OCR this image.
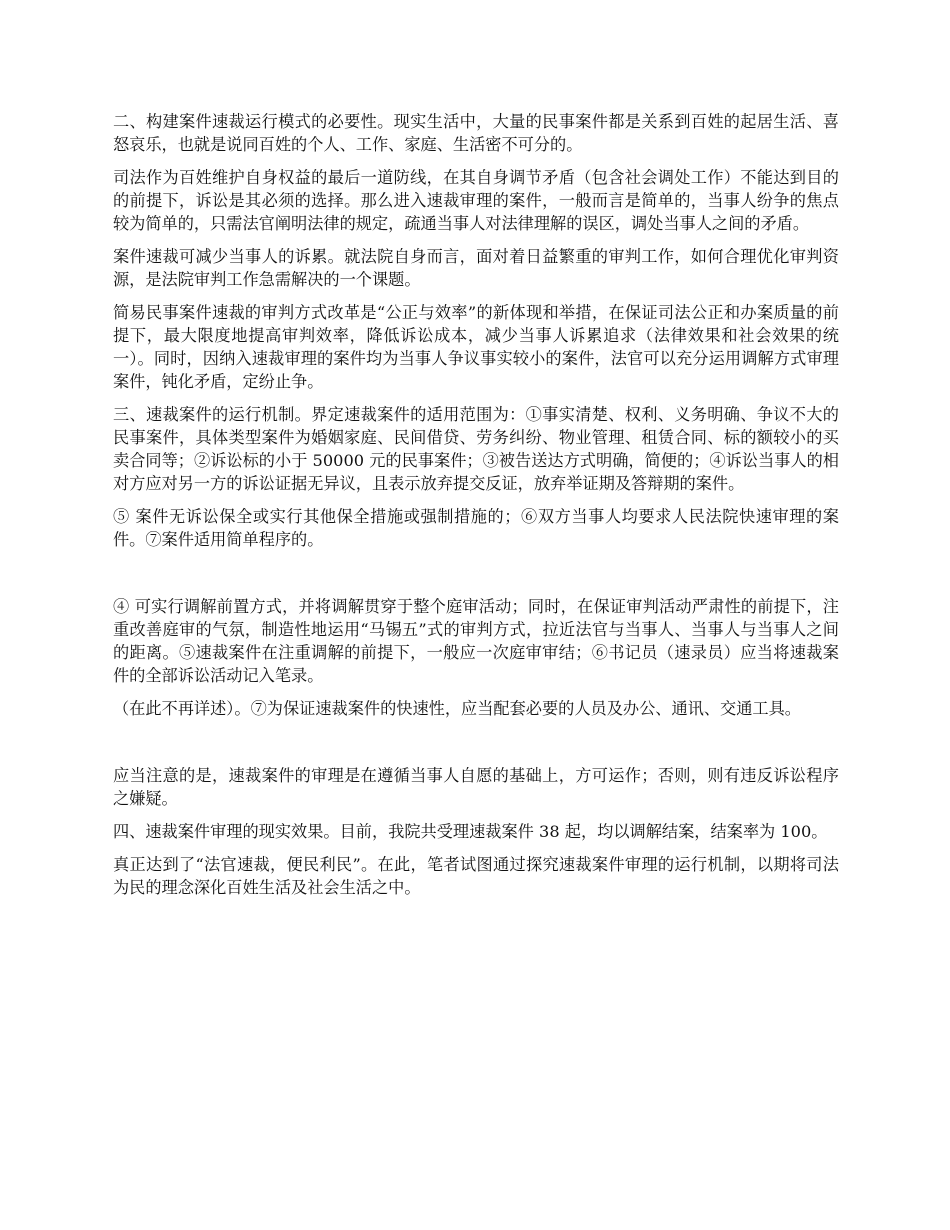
二、构建案件速裁运行模式的必要性。现实生活中，大量的民事案件都是关系到百姓的起居生活、喜怒哀乐，也就是说同百姓的个人、工作、家庭、生活密不可分的。

司法作为百姓维护自身权益的最后一道防线，在其自身调节矛盾（包含社会调处工作）不能达到目的的前提下，诉讼是其必须的选择。那么进入速裁审理的案件，一般而言是简单的，当事人纷争的焦点较为简单的，只需法官阐明法律的规定，疏通当事人对法律理解的误区，调处当事人之间的矛盾。

案件速裁可减少当事人的诉累。就法院自身而言，面对着日益繁重的审判工作，如何合理优化审判资源，是法院审判工作急需解决的一个课题。

简易民事案件速裁的审判方式改革是“公正与效率”的新体现和举措，在保证司法公正和办案质量的前提下，最大限度地提高审判效率，降低诉讼成本，减少当事人诉累追求（法律效果和社会效果的统一）。同时，因纳入速裁审理的案件均为当事人争议事实较小的案件，法官可以充分运用调解方式审理案件，钝化矛盾，定纷止争。

三、速裁案件的运行机制。界定速裁案件的适用范围为：①事实清楚、权利、义务明确、争议不大的民事案件，具体类型案件为婚姻家庭、民间借贷、劳务纠纷、物业管理、租赁合同、标的额较小的买卖合同等；②诉讼标的小于 50000 元的民事案件；③被告送达方式明确，简便的；④诉讼当事人的相对方应对另一方的诉讼证据无异议，且表示放弃提交反证，放弃举证期及答辩期的案件。

⑤ 案件无诉讼保全或实行其他保全措施或强制措施的；⑥双方当事人均要求人民法院快速审理的案件。⑦案件适用简单程序的。

④ 可实行调解前置方式，并将调解贯穿于整个庭审活动；同时，在保证审判活动严肃性的前提下，注重改善庭审的气氛，制造性地运用“马锡五”式的审判方式，拉近法官与当事人、当事人与当事人之间的距离。⑤速裁案件在注重调解的前提下，一般应一次庭审审结；⑥书记员（速录员）应当将速裁案件的全部诉讼活动记入笔录。

（在此不再详述）。⑦为保证速裁案件的快速性，应当配套必要的人员及办公、通讯、交通工具。

应当注意的是，速裁案件的审理是在遵循当事人自愿的基础上，方可运作；否则，则有违反诉讼程序之嫌疑。

四、速裁案件审理的现实效果。目前，我院共受理速裁案件 38 起，均以调解结案，结案率为 100。

真正达到了“法官速裁，便民利民”。在此，笔者试图通过探究速裁案件审理的运行机制，以期将司法为民的理念深化百姓生活及社会生活之中。
